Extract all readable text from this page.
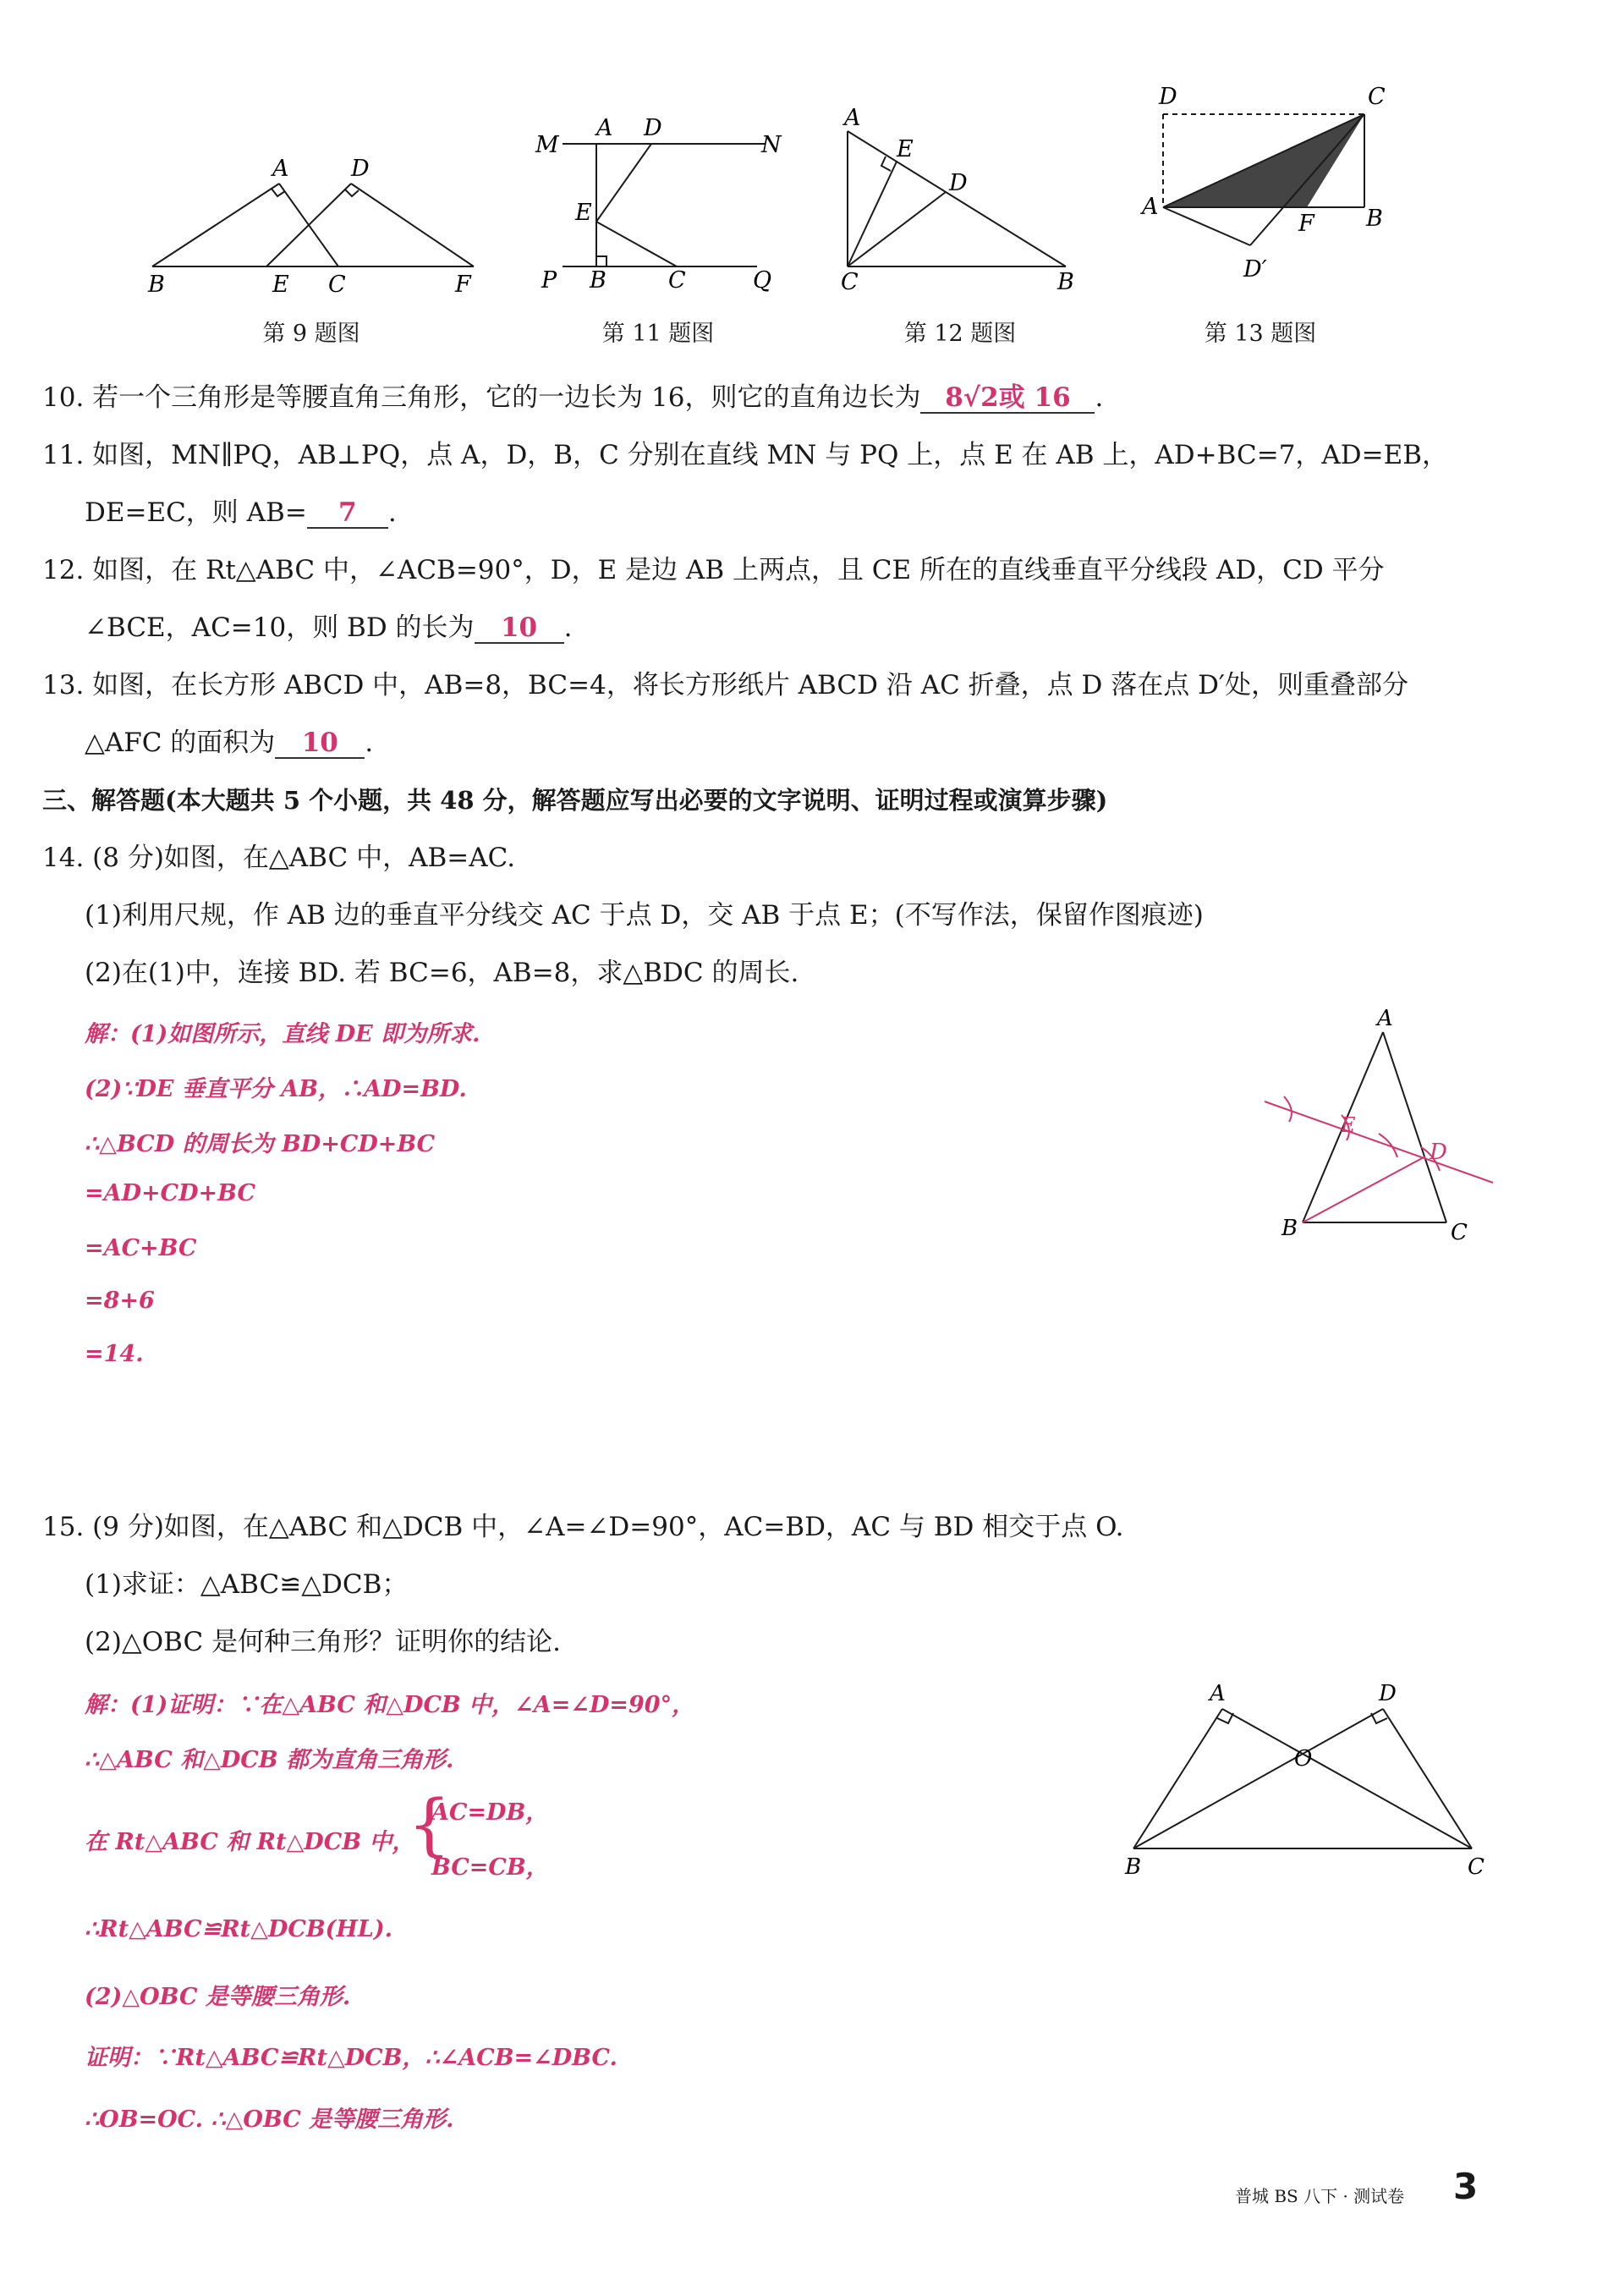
A	D
B	E C	F
第 9 题图
M
A D
N
E
P B	C	Q
第 11 题图
A
E
D
C	B
第 12 题图
D	C
A	B
F
D′
第 13 题图
10. 若一个三角形是等腰直角三角形，它的一边长为 16，则它的直角边长为 8√2或 16 .
11. 如图，MN∥PQ，AB⊥PQ，点 A，D，B，C 分别在直线 MN 与 PQ 上，点 E 在 AB 上，AD+BC=7，AD=EB，
DE=EC，则 AB= 7 .
12. 如图，在 Rt△ABC 中，∠ACB=90°，D，E 是边 AB 上两点，且 CE 所在的直线垂直平分线段 AD，CD 平分
∠BCE，AC=10，则 BD 的长为 10 .
13. 如图，在长方形 ABCD 中，AB=8，BC=4，将长方形纸片 ABCD 沿 AC 折叠，点 D 落在点 D′处，则重叠部分
△AFC 的面积为 10 .
三、解答题(本大题共 5 个小题，共 48 分，解答题应写出必要的文字说明、证明过程或演算步骤)
14. (8 分)如图，在△ABC 中，AB=AC.
(1)利用尺规，作 AB 边的垂直平分线交 AC 于点 D，交 AB 于点 E；(不写作法，保留作图痕迹)
(2)在(1)中，连接 BD. 若 BC=6，AB=8，求△BDC 的周长.
解：(1)如图所示，直线 DE 即为所求.
(2)∵DE 垂直平分 AB，∴AD=BD.
∴△BCD 的周长为 BD+CD+BC
=AD+CD+BC
=AC+BC
=8+6
=14.
A
E
D
B	C
15. (9 分)如图，在△ABC 和△DCB 中，∠A=∠D=90°，AC=BD，AC 与 BD 相交于点 O.
(1)求证：△ABC≌△DCB；
(2)△OBC 是何种三角形？证明你的结论.
解：(1)证明：∵在△ABC 和△DCB 中，∠A=∠D=90°，
∴△ABC 和△DCB 都为直角三角形.
在 Rt△ABC 和 Rt△DCB 中，
{
AC=DB，
BC=CB，
∴Rt△ABC≌Rt△DCB(HL).
(2)△OBC 是等腰三角形.
证明：∵Rt△ABC≌Rt△DCB，∴∠ACB=∠DBC.
∴OB=OC. ∴△OBC 是等腰三角形.
A	D
O
B	C
普城 BS 八下 · 测试卷 3
